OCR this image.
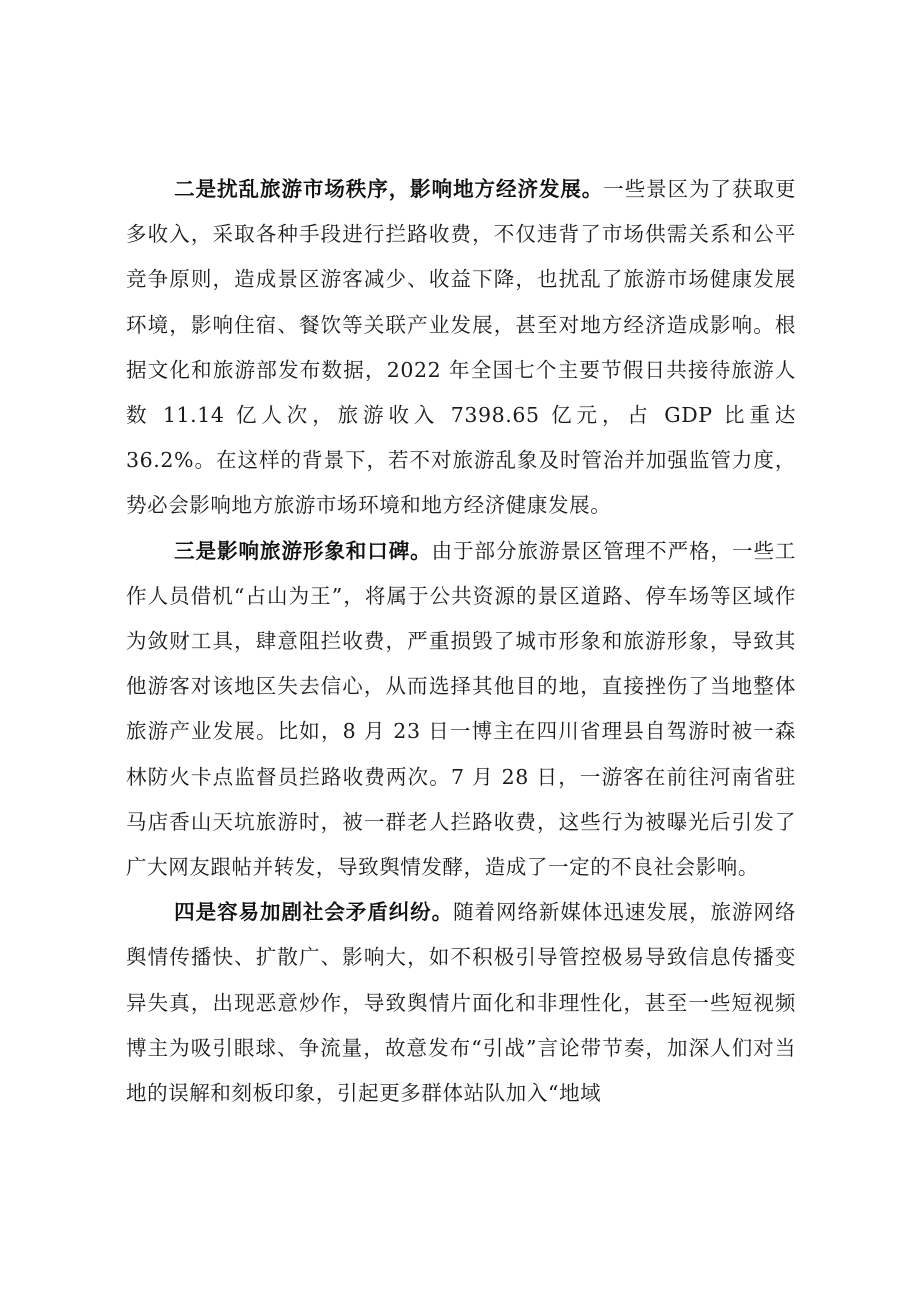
二是扰乱旅游市场秩序，影响地方经济发展。一些景区为了获取更多收入，采取各种手段进行拦路收费，不仅违背了市场供需关系和公平竞争原则，造成景区游客减少、收益下降，也扰乱了旅游市场健康发展环境，影响住宿、餐饮等关联产业发展，甚至对地方经济造成影响。根据文化和旅游部发布数据，2022 年全国七个主要节假日共接待旅游人数 11.14 亿人次，旅游收入 7398.65 亿元，占 GDP 比重达 36.2%。在这样的背景下，若不对旅游乱象及时管治并加强监管力度，势必会影响地方旅游市场环境和地方经济健康发展。

三是影响旅游形象和口碑。由于部分旅游景区管理不严格，一些工作人员借机“占山为王”，将属于公共资源的景区道路、停车场等区域作为敛财工具，肆意阻拦收费，严重损毁了城市形象和旅游形象，导致其他游客对该地区失去信心，从而选择其他目的地，直接挫伤了当地整体旅游产业发展。比如，8 月 23 日一博主在四川省理县自驾游时被一森林防火卡点监督员拦路收费两次。7 月 28 日，一游客在前往河南省驻马店香山天坑旅游时，被一群老人拦路收费，这些行为被曝光后引发了广大网友跟帖并转发，导致舆情发酵，造成了一定的不良社会影响。

四是容易加剧社会矛盾纠纷。随着网络新媒体迅速发展，旅游网络舆情传播快、扩散广、影响大，如不积极引导管控极易导致信息传播变异失真，出现恶意炒作，导致舆情片面化和非理性化，甚至一些短视频博主为吸引眼球、争流量，故意发布“引战”言论带节奏，加深人们对当地的误解和刻板印象，引起更多群体站队加入“地域
